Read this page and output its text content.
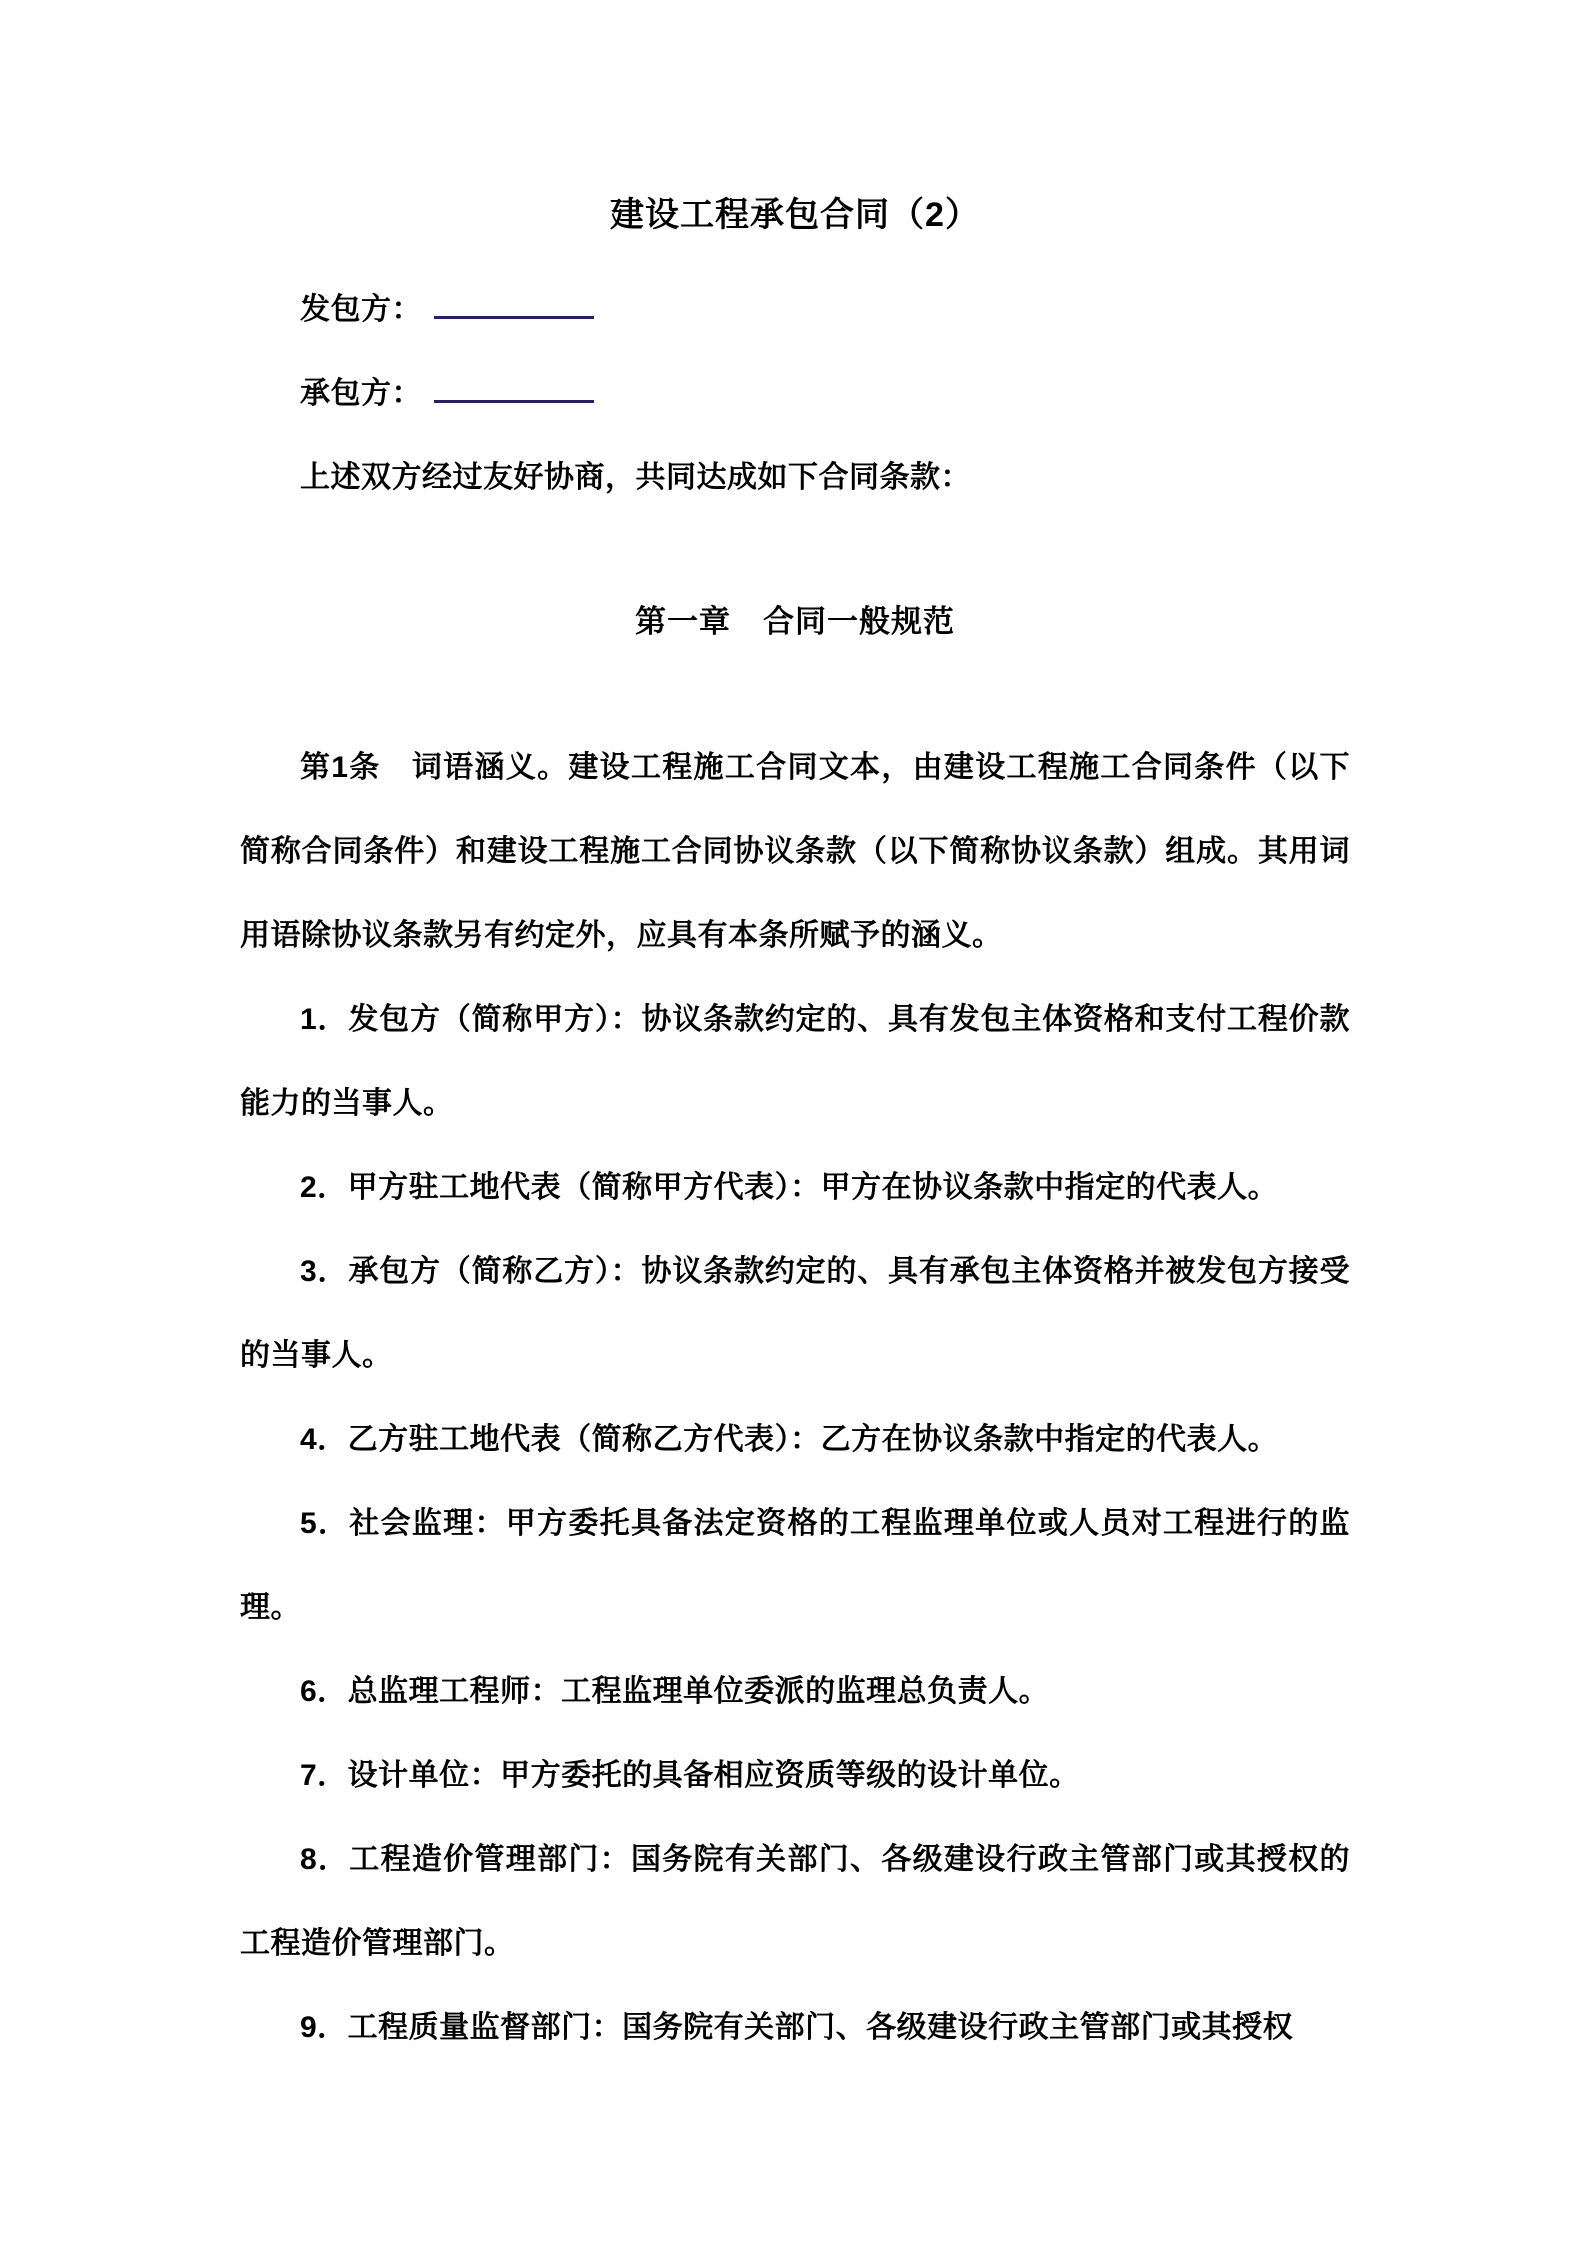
建设工程承包合同（2）

发包方：

承包方：

上述双方经过友好协商，共同达成如下合同条款：

第一章　合同一般规范

第1条　词语涵义。建设工程施工合同文本，由建设工程施工合同条件（以下简称合同条件）和建设工程施工合同协议条款（以下简称协议条款）组成。其用词用语除协议条款另有约定外，应具有本条所赋予的涵义。

1．发包方（简称甲方）：协议条款约定的、具有发包主体资格和支付工程价款能力的当事人。

2．甲方驻工地代表（简称甲方代表）：甲方在协议条款中指定的代表人。

3．承包方（简称乙方）：协议条款约定的、具有承包主体资格并被发包方接受的当事人。

4．乙方驻工地代表（简称乙方代表）：乙方在协议条款中指定的代表人。

5．社会监理：甲方委托具备法定资格的工程监理单位或人员对工程进行的监理。

6．总监理工程师：工程监理单位委派的监理总负责人。

7．设计单位：甲方委托的具备相应资质等级的设计单位。

8．工程造价管理部门：国务院有关部门、各级建设行政主管部门或其授权的工程造价管理部门。

9．工程质量监督部门：国务院有关部门、各级建设行政主管部门或其授权
